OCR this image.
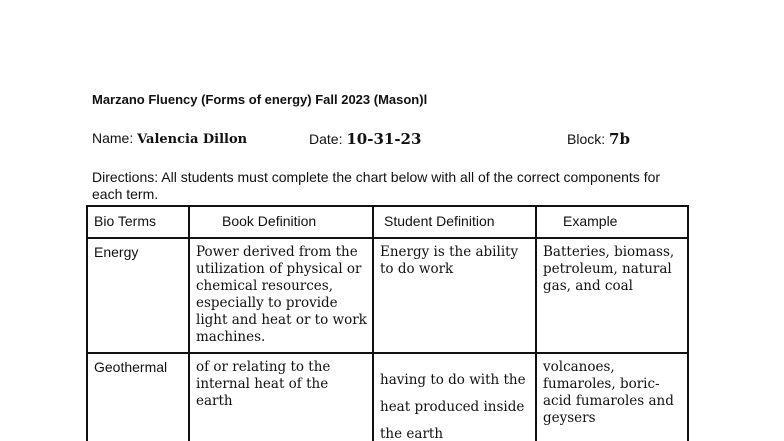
Marzano Fluency (Forms of energy) Fall 2023 (Mason)l
Name: Valencia Dillon	Date: 10-31-23	Block: 7b
Directions: All students must complete the chart below with all of the correct components for each term.
Bio Terms	Book Definition	Student Definition	Example
Energy	Power derived from the utilization of physical or chemical resources, especially to provide light and heat or to work machines.	Energy is the ability to do work	Batteries, biomass, petroleum, natural gas, and coal

Geothermal	of or relating to the internal heat of the earth	having to do with the heat produced inside the earth	volcanoes, fumaroles, boric-acid fumaroles and geysers
